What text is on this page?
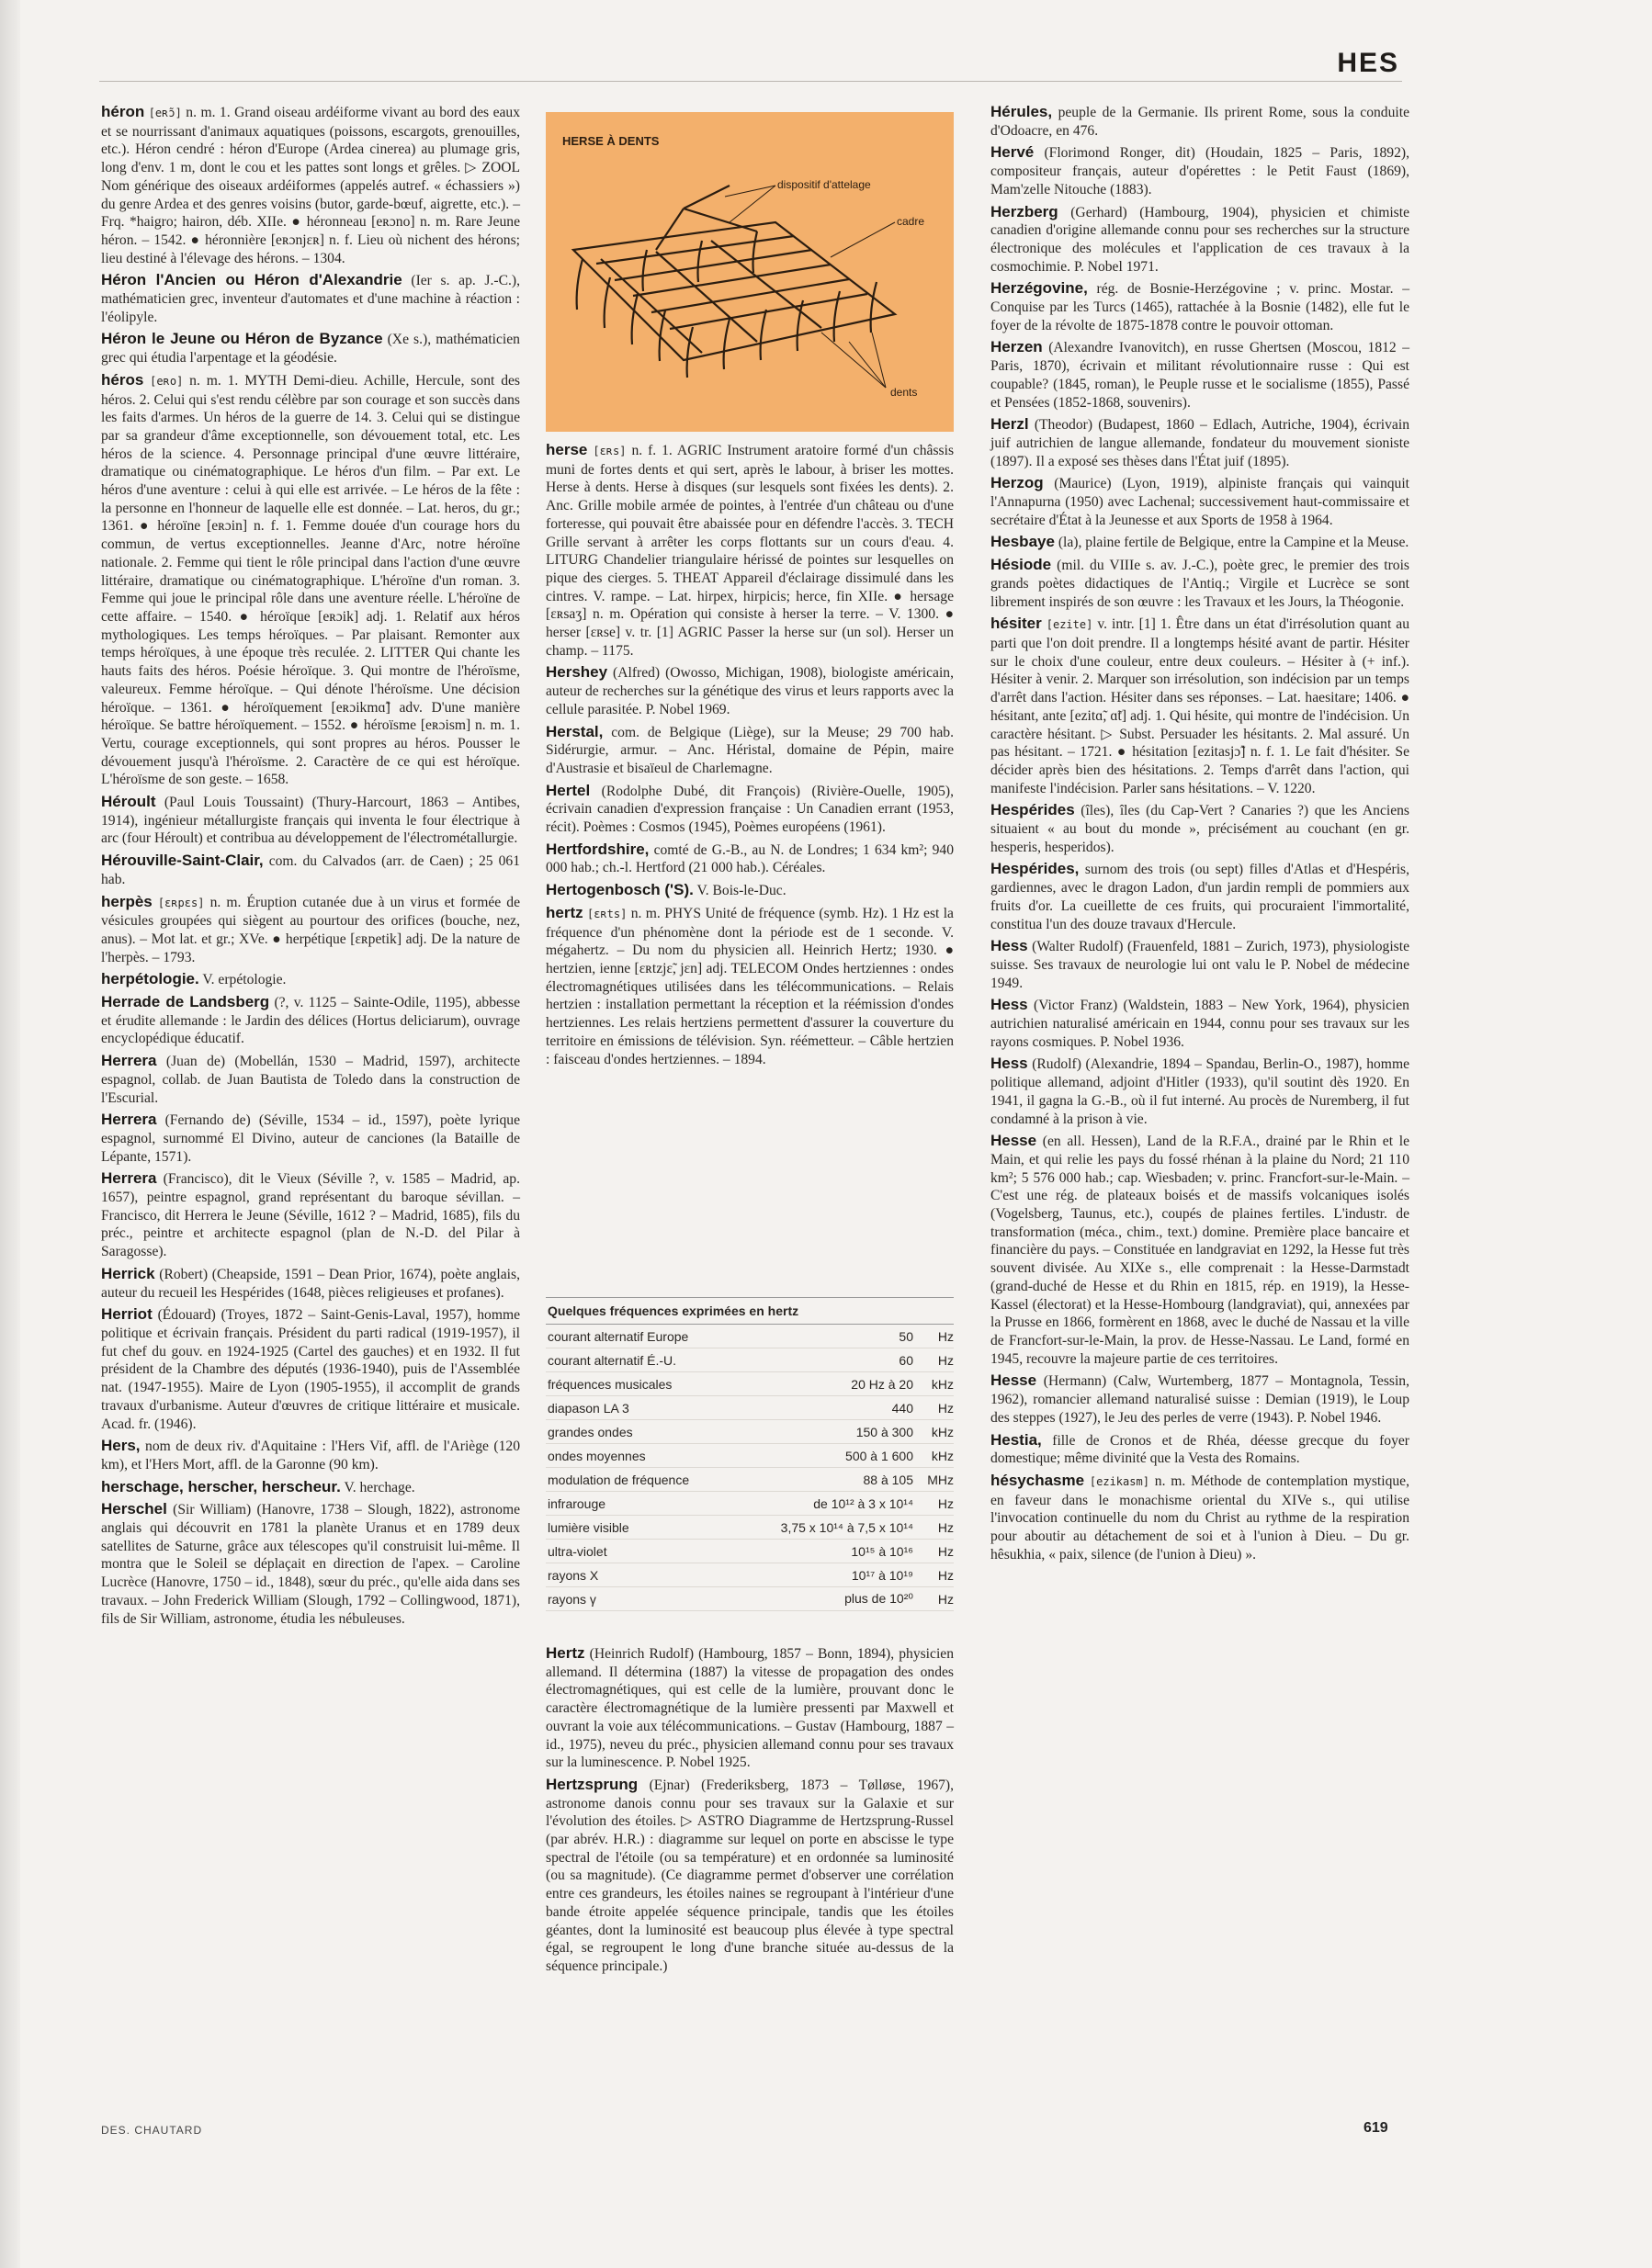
HES
héron [eʀɔ̃] n. m. 1. Grand oiseau ardéiforme vivant au bord des eaux et se nourrissant d'animaux aquatiques (poissons, escargots, grenouilles, etc.). Héron cendré : héron d'Europe (Ardea cinerea) au plumage gris, long d'env. 1 m, dont le cou et les pattes sont longs et grêles. ▷ ZOOL Nom générique des oiseaux ardéiformes (appelés autref. « échassiers ») du genre Ardea et des genres voisins (butor, garde-bœuf, aigrette, etc.). – Frq. *haigro; hairon, déb. XIIe. ● héronneau [eʀɔno] n. m. Rare Jeune héron. – 1542. ● héronnière [eʀɔnjɛʀ] n. f. Lieu où nichent des hérons; lieu destiné à l'élevage des hérons. – 1304.
Héron l'Ancien ou Héron d'Alexandrie (Ier s. ap. J.-C.), mathématicien grec, inventeur d'automates et d'une machine à réaction : l'éolipyle.
Héron le Jeune ou Héron de Byzance (Xe s.), mathématicien grec qui étudia l'arpentage et la géodésie.
héros [eʀo] n. m. 1. MYTH Demi-dieu. Achille, Hercule, sont des héros. 2. Celui qui s'est rendu célèbre par son courage et son succès dans les faits d'armes. Un héros de la guerre de 14. 3. Celui qui se distingue par sa grandeur d'âme exceptionnelle, son dévouement total, etc. Les héros de la science. 4. Personnage principal d'une œuvre littéraire, dramatique ou cinématographique. Le héros d'un film. – Par ext. Le héros d'une aventure : celui à qui elle est arrivée. – Le héros de la fête : la personne en l'honneur de laquelle elle est donnée. – Lat. heros, du gr.; 1361. ● héroïne [eʀɔin] n. f. 1. Femme douée d'un courage hors du commun, de vertus exceptionnelles. Jeanne d'Arc, notre héroïne nationale. 2. Femme qui tient le rôle principal dans l'action d'une œuvre littéraire, dramatique ou cinématographique. L'héroïne d'un roman. 3. Femme qui joue le principal rôle dans une aventure réelle. L'héroïne de cette affaire. – 1540. ● héroïque [eʀɔik] adj. 1. Relatif aux héros mythologiques. Les temps héroïques. – Par plaisant. Remonter aux temps héroïques, à une époque très reculée. 2. LITTER Qui chante les hauts faits des héros. Poésie héroïque. 3. Qui montre de l'héroïsme, valeureux. Femme héroïque. – Qui dénote l'héroïsme. Une décision héroïque. – 1361. ● héroïquement [eʀɔikmɑ̃] adv. D'une manière héroïque. Se battre héroïquement. – 1552. ● héroïsme [eʀɔism] n. m. 1. Vertu, courage exceptionnels, qui sont propres au héros. Pousser le dévouement jusqu'à l'héroïsme. 2. Caractère de ce qui est héroïque. L'héroïsme de son geste. – 1658.
Héroult (Paul Louis Toussaint) (Thury-Harcourt, 1863 – Antibes, 1914), ingénieur métallurgiste français qui inventa le four électrique à arc (four Héroult) et contribua au développement de l'électrométallurgie.
Hérouville-Saint-Clair, com. du Calvados (arr. de Caen) ; 25 061 hab.
herpès [ɛʀpɛs] n. m. Éruption cutanée due à un virus et formée de vésicules groupées qui siègent au pourtour des orifices (bouche, nez, anus). – Mot lat. et gr.; XVe. ● herpétique [ɛʀpetik] adj. De la nature de l'herpès. – 1793.
herpétologie. V. erpétologie.
Herrade de Landsberg (?, v. 1125 – Sainte-Odile, 1195), abbesse et érudite allemande : le Jardin des délices (Hortus deliciarum), ouvrage encyclopédique éducatif.
Herrera (Juan de) (Mobellán, 1530 – Madrid, 1597), architecte espagnol, collab. de Juan Bautista de Toledo dans la construction de l'Escurial.
Herrera (Fernando de) (Séville, 1534 – id., 1597), poète lyrique espagnol, surnommé El Divino, auteur de canciones (la Bataille de Lépante, 1571).
Herrera (Francisco), dit le Vieux (Séville ?, v. 1585 – Madrid, ap. 1657), peintre espagnol, grand représentant du baroque sévillan. – Francisco, dit Herrera le Jeune (Séville, 1612 ? – Madrid, 1685), fils du préc., peintre et architecte espagnol (plan de N.-D. del Pilar à Saragosse).
Herrick (Robert) (Cheapside, 1591 – Dean Prior, 1674), poète anglais, auteur du recueil les Hespérides (1648, pièces religieuses et profanes).
Herriot (Édouard) (Troyes, 1872 – Saint-Genis-Laval, 1957), homme politique et écrivain français. Président du parti radical (1919-1957), il fut chef du gouv. en 1924-1925 (Cartel des gauches) et en 1932. Il fut président de la Chambre des députés (1936-1940), puis de l'Assemblée nat. (1947-1955). Maire de Lyon (1905-1955), il accomplit de grands travaux d'urbanisme. Auteur d'œuvres de critique littéraire et musicale. Acad. fr. (1946).
Hers, nom de deux riv. d'Aquitaine : l'Hers Vif, affl. de l'Ariège (120 km), et l'Hers Mort, affl. de la Garonne (90 km).
herschage, herscher, herscheur. V. herchage.
Herschel (Sir William) (Hanovre, 1738 – Slough, 1822), astronome anglais qui découvrit en 1781 la planète Uranus et en 1789 deux satellites de Saturne, grâce aux télescopes qu'il construisit lui-même. Il montra que le Soleil se déplaçait en direction de l'apex. – Caroline Lucrèce (Hanovre, 1750 – id., 1848), sœur du préc., qu'elle aida dans ses travaux. – John Frederick William (Slough, 1792 – Collingwood, 1871), fils de Sir William, astronome, étudia les nébuleuses.
HERSE À DENTS
dispositif d'attelage
cadre
dents
herse [ɛʀs] n. f. 1. AGRIC Instrument aratoire formé d'un châssis muni de fortes dents et qui sert, après le labour, à briser les mottes. Herse à dents. Herse à disques (sur lesquels sont fixées les dents). 2. Anc. Grille mobile armée de pointes, à l'entrée d'un château ou d'une forteresse, qui pouvait être abaissée pour en défendre l'accès. 3. TECH Grille servant à arrêter les corps flottants sur un cours d'eau. 4. LITURG Chandelier triangulaire hérissé de pointes sur lesquelles on pique des cierges. 5. THEAT Appareil d'éclairage dissimulé dans les cintres. V. rampe. – Lat. hirpex, hirpicis; herce, fin XIIe. ● hersage [ɛʀsaʒ] n. m. Opération qui consiste à herser la terre. – V. 1300. ● herser [ɛʀse] v. tr. [1] AGRIC Passer la herse sur (un sol). Herser un champ. – 1175.
Hershey (Alfred) (Owosso, Michigan, 1908), biologiste américain, auteur de recherches sur la génétique des virus et leurs rapports avec la cellule parasitée. P. Nobel 1969.
Herstal, com. de Belgique (Liège), sur la Meuse; 29 700 hab. Sidérurgie, armur. – Anc. Héristal, domaine de Pépin, maire d'Austrasie et bisaïeul de Charlemagne.
Hertel (Rodolphe Dubé, dit François) (Rivière-Ouelle, 1905), écrivain canadien d'expression française : Un Canadien errant (1953, récit). Poèmes : Cosmos (1945), Poèmes européens (1961).
Hertfordshire, comté de G.-B., au N. de Londres; 1 634 km²; 940 000 hab.; ch.-l. Hertford (21 000 hab.). Céréales.
Hertogenbosch ('S). V. Bois-le-Duc.
hertz [ɛʀts] n. m. PHYS Unité de fréquence (symb. Hz). 1 Hz est la fréquence d'un phénomène dont la période est de 1 seconde. V. mégahertz. – Du nom du physicien all. Heinrich Hertz; 1930. ● hertzien, ienne [ɛʀtzjɛ̃, jɛn] adj. TELECOM Ondes hertziennes : ondes électromagnétiques utilisées dans les télécommunications. – Relais hertzien : installation permettant la réception et la réémission d'ondes hertziennes. Les relais hertziens permettent d'assurer la couverture du territoire en émissions de télévision. Syn. réémetteur. – Câble hertzien : faisceau d'ondes hertziennes. – 1894.
Quelques fréquences exprimées en hertz
courant alternatif Europe	50	Hz
courant alternatif É.-U.	60	Hz
fréquences musicales	20 Hz à 20	kHz
diapason LA 3	440	Hz
grandes ondes	150 à 300	kHz
ondes moyennes	500 à 1 600	kHz
modulation de fréquence	88 à 105	MHz
infrarouge	de 10¹² à 3 x 10¹⁴	Hz
lumière visible	3,75 x 10¹⁴ à 7,5 x 10¹⁴	Hz
ultra-violet	10¹⁵ à 10¹⁶	Hz
rayons X	10¹⁷ à 10¹⁹	Hz
rayons γ	plus de 10²⁰	Hz
Hertz (Heinrich Rudolf) (Hambourg, 1857 – Bonn, 1894), physicien allemand. Il détermina (1887) la vitesse de propagation des ondes électromagnétiques, qui est celle de la lumière, prouvant donc le caractère électromagnétique de la lumière pressenti par Maxwell et ouvrant la voie aux télécommunications. – Gustav (Hambourg, 1887 – id., 1975), neveu du préc., physicien allemand connu pour ses travaux sur la luminescence. P. Nobel 1925.
Hertzsprung (Ejnar) (Frederiksberg, 1873 – Tølløse, 1967), astronome danois connu pour ses travaux sur la Galaxie et sur l'évolution des étoiles. ▷ ASTRO Diagramme de Hertzsprung-Russel (par abrév. H.R.) : diagramme sur lequel on porte en abscisse le type spectral de l'étoile (ou sa température) et en ordonnée sa luminosité (ou sa magnitude). (Ce diagramme permet d'observer une corrélation entre ces grandeurs, les étoiles naines se regroupant à l'intérieur d'une bande étroite appelée séquence principale, tandis que les étoiles géantes, dont la luminosité est beaucoup plus élevée à type spectral égal, se regroupent le long d'une branche située au-dessus de la séquence principale.)
Hérules, peuple de la Germanie. Ils prirent Rome, sous la conduite d'Odoacre, en 476.
Hervé (Florimond Ronger, dit) (Houdain, 1825 – Paris, 1892), compositeur français, auteur d'opérettes : le Petit Faust (1869), Mam'zelle Nitouche (1883).
Herzberg (Gerhard) (Hambourg, 1904), physicien et chimiste canadien d'origine allemande connu pour ses recherches sur la structure électronique des molécules et l'application de ces travaux à la cosmochimie. P. Nobel 1971.
Herzégovine, rég. de Bosnie-Herzégovine ; v. princ. Mostar. – Conquise par les Turcs (1465), rattachée à la Bosnie (1482), elle fut le foyer de la révolte de 1875-1878 contre le pouvoir ottoman.
Herzen (Alexandre Ivanovitch), en russe Ghertsen (Moscou, 1812 – Paris, 1870), écrivain et militant révolutionnaire russe : Qui est coupable? (1845, roman), le Peuple russe et le socialisme (1855), Passé et Pensées (1852-1868, souvenirs).
Herzl (Theodor) (Budapest, 1860 – Edlach, Autriche, 1904), écrivain juif autrichien de langue allemande, fondateur du mouvement sioniste (1897). Il a exposé ses thèses dans l'État juif (1895).
Herzog (Maurice) (Lyon, 1919), alpiniste français qui vainquit l'Annapurna (1950) avec Lachenal; successivement haut-commissaire et secrétaire d'État à la Jeunesse et aux Sports de 1958 à 1964.
Hesbaye (la), plaine fertile de Belgique, entre la Campine et la Meuse.
Hésiode (mil. du VIIIe s. av. J.-C.), poète grec, le premier des trois grands poètes didactiques de l'Antiq.; Virgile et Lucrèce se sont librement inspirés de son œuvre : les Travaux et les Jours, la Théogonie.
hésiter [ezite] v. intr. [1] 1. Être dans un état d'irrésolution quant au parti que l'on doit prendre. Il a longtemps hésité avant de partir. Hésiter sur le choix d'une couleur, entre deux couleurs. – Hésiter à (+ inf.). Hésiter à venir. 2. Marquer son irrésolution, son indécision par un temps d'arrêt dans l'action. Hésiter dans ses réponses. – Lat. haesitare; 1406. ● hésitant, ante [ezitɑ̃, ɑ̃t] adj. 1. Qui hésite, qui montre de l'indécision. Un caractère hésitant. ▷ Subst. Persuader les hésitants. 2. Mal assuré. Un pas hésitant. – 1721. ● hésitation [ezitasjɔ̃] n. f. 1. Le fait d'hésiter. Se décider après bien des hésitations. 2. Temps d'arrêt dans l'action, qui manifeste l'indécision. Parler sans hésitations. – V. 1220.
Hespérides (îles), îles (du Cap-Vert ? Canaries ?) que les Anciens situaient « au bout du monde », précisément au couchant (en gr. hesperis, hesperidos).
Hespérides, surnom des trois (ou sept) filles d'Atlas et d'Hespéris, gardiennes, avec le dragon Ladon, d'un jardin rempli de pommiers aux fruits d'or. La cueillette de ces fruits, qui procuraient l'immortalité, constitua l'un des douze travaux d'Hercule.
Hess (Walter Rudolf) (Frauenfeld, 1881 – Zurich, 1973), physiologiste suisse. Ses travaux de neurologie lui ont valu le P. Nobel de médecine 1949.
Hess (Victor Franz) (Waldstein, 1883 – New York, 1964), physicien autrichien naturalisé américain en 1944, connu pour ses travaux sur les rayons cosmiques. P. Nobel 1936.
Hess (Rudolf) (Alexandrie, 1894 – Spandau, Berlin-O., 1987), homme politique allemand, adjoint d'Hitler (1933), qu'il soutint dès 1920. En 1941, il gagna la G.-B., où il fut interné. Au procès de Nuremberg, il fut condamné à la prison à vie.
Hesse (en all. Hessen), Land de la R.F.A., drainé par le Rhin et le Main, et qui relie les pays du fossé rhénan à la plaine du Nord; 21 110 km²; 5 576 000 hab.; cap. Wiesbaden; v. princ. Francfort-sur-le-Main. – C'est une rég. de plateaux boisés et de massifs volcaniques isolés (Vogelsberg, Taunus, etc.), coupés de plaines fertiles. L'industr. de transformation (méca., chim., text.) domine. Première place bancaire et financière du pays. – Constituée en landgraviat en 1292, la Hesse fut très souvent divisée. Au XIXe s., elle comprenait : la Hesse-Darmstadt (grand-duché de Hesse et du Rhin en 1815, rép. en 1919), la Hesse-Kassel (électorat) et la Hesse-Hombourg (landgraviat), qui, annexées par la Prusse en 1866, formèrent en 1868, avec le duché de Nassau et la ville de Francfort-sur-le-Main, la prov. de Hesse-Nassau. Le Land, formé en 1945, recouvre la majeure partie de ces territoires.
Hesse (Hermann) (Calw, Wurtemberg, 1877 – Montagnola, Tessin, 1962), romancier allemand naturalisé suisse : Demian (1919), le Loup des steppes (1927), le Jeu des perles de verre (1943). P. Nobel 1946.
Hestia, fille de Cronos et de Rhéa, déesse grecque du foyer domestique; même divinité que la Vesta des Romains.
hésychasme [ezikasm] n. m. Méthode de contemplation mystique, en faveur dans le monachisme oriental du XIVe s., qui utilise l'invocation continuelle du nom du Christ au rythme de la respiration pour aboutir au détachement de soi et à l'union à Dieu. – Du gr. hêsukhia, « paix, silence (de l'union à Dieu) ».
DES. CHAUTARD	619
